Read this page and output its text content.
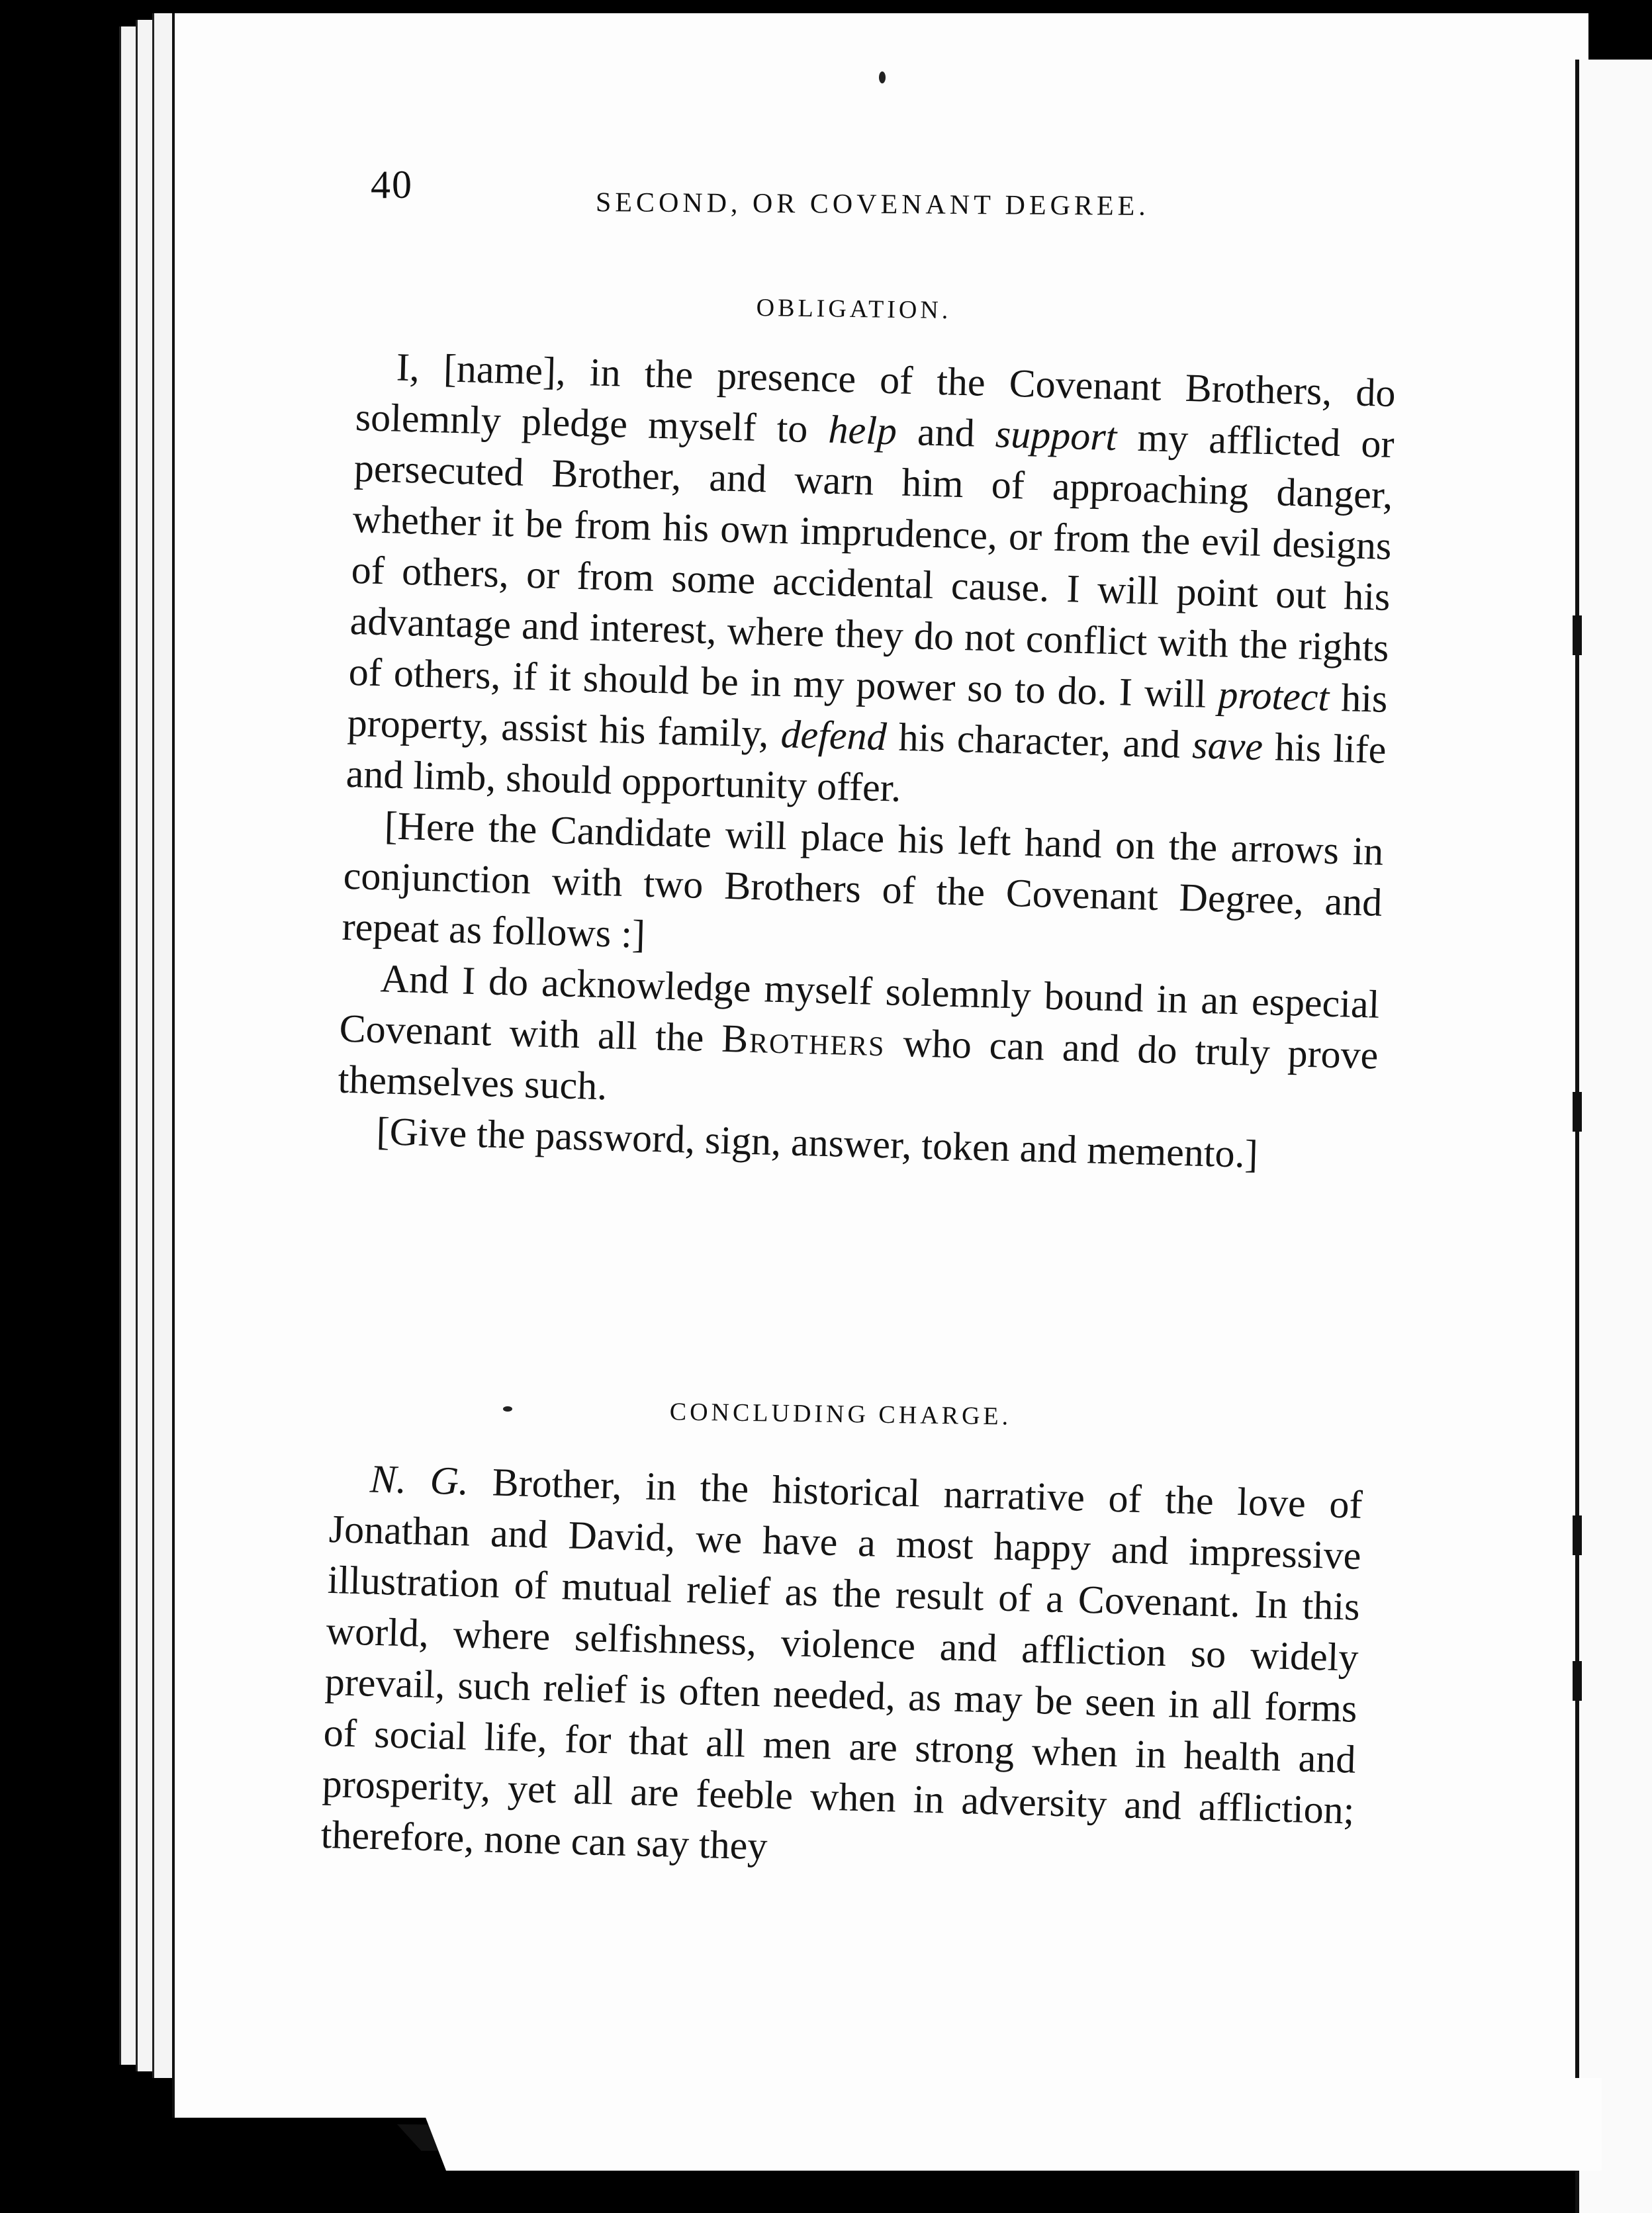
40	SECOND, OR COVENANT DEGREE.
OBLIGATION.

I, [name], in the presence of the Covenant Brothers, do solemnly pledge myself to help and support my afflicted or persecuted Brother, and warn him of approaching danger, whether it be from his own imprudence, or from the evil designs of others, or from some accidental cause. I will point out his advantage and interest, where they do not conflict with the rights of others, if it should be in my power so to do. I will protect his property, assist his family, defend his character, and save his life and limb, should opportunity offer.

[Here the Candidate will place his left hand on the arrows in conjunction with two Brothers of the Covenant Degree, and repeat as follows :]

And I do acknowledge myself solemnly bound in an especial Covenant with all the Brothers who can and do truly prove themselves such.

[Give the password, sign, answer, token and memento.]

CONCLUDING CHARGE.

N. G. Brother, in the historical narrative of the love of Jonathan and David, we have a most happy and impressive illustration of mutual relief as the result of a Covenant. In this world, where selfishness, violence and affliction so widely prevail, such relief is often needed, as may be seen in all forms of social life, for that all men are strong when in health and prosperity, yet all are feeble when in adversity and affliction; therefore, none can say they
